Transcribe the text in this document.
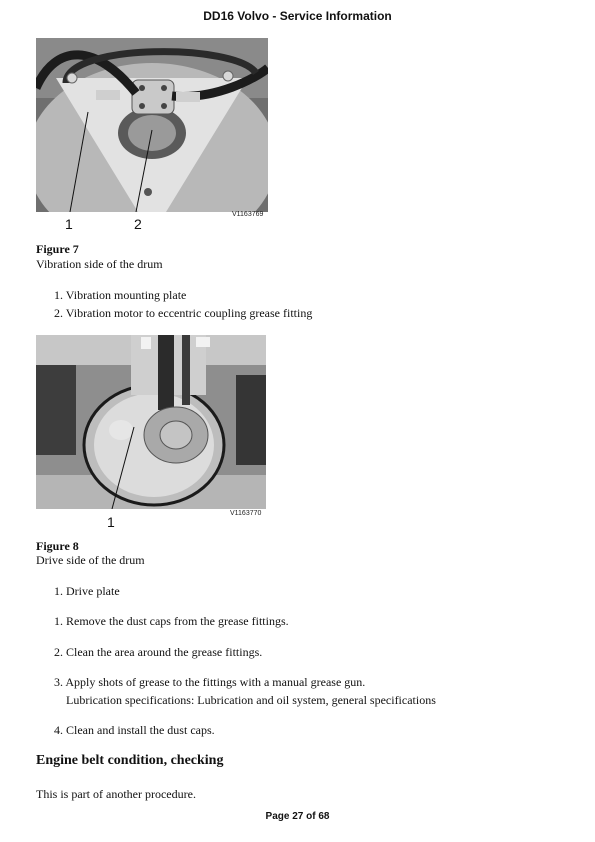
DD16 Volvo - Service Information
V1163769
1	2
Figure 7
Vibration side of the drum
1. Vibration mounting plate
2. Vibration motor to eccentric coupling grease fitting
V1163770
1
Figure 8
Drive side of the drum
1. Drive plate
1. Remove the dust caps from the grease fittings.
2. Clean the area around the grease fittings.
3. Apply shots of grease to the fittings with a manual grease gun.
Lubrication specifications: Lubrication and oil system, general specifications
4. Clean and install the dust caps.
Engine belt condition, checking
This is part of another procedure.
Page 27 of 68
